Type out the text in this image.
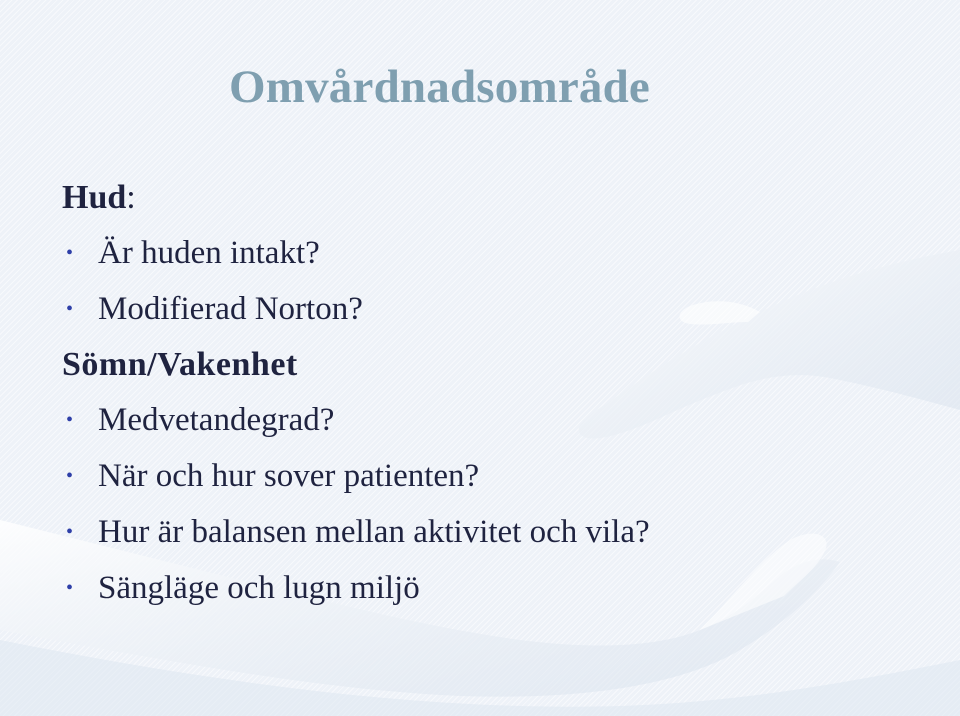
Omvårdnadsområde
Hud:
• Är huden intakt?
• Modifierad Norton?
Sömn/Vakenhet
• Medvetandegrad?
• När och hur sover patienten?
• Hur är balansen mellan aktivitet och vila?
• Sängläge och lugn miljö
